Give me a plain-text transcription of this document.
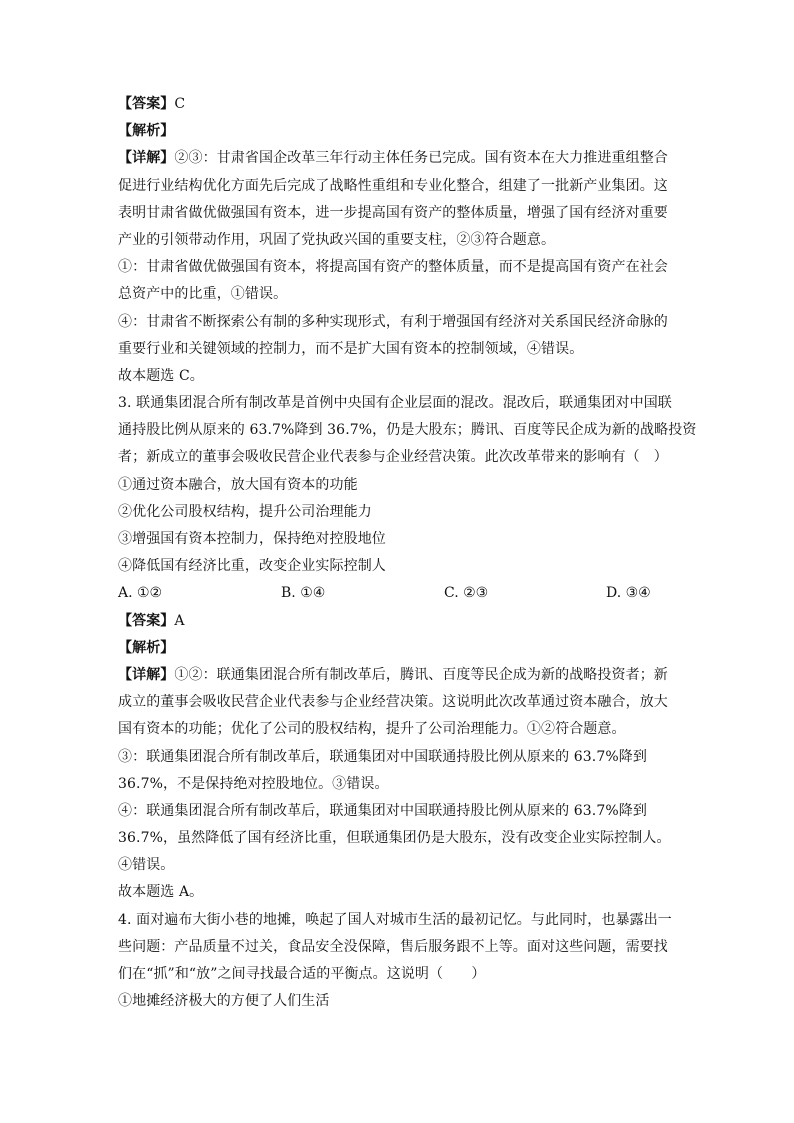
【答案】C
【解析】
【详解】②③：甘肃省国企改革三年行动主体任务已完成。国有资本在大力推进重组整合
促进行业结构优化方面先后完成了战略性重组和专业化整合，组建了一批新产业集团。这
表明甘肃省做优做强国有资本，进一步提高国有资产的整体质量，增强了国有经济对重要
产业的引领带动作用，巩固了党执政兴国的重要支柱，②③符合题意。
①：甘肃省做优做强国有资本，将提高国有资产的整体质量，而不是提高国有资产在社会
总资产中的比重，①错误。
④：甘肃省不断探索公有制的多种实现形式，有利于增强国有经济对关系国民经济命脉的
重要行业和关键领域的控制力，而不是扩大国有资本的控制领域，④错误。
故本题选 C。
3. 联通集团混合所有制改革是首例中央国有企业层面的混改。混改后，联通集团对中国联
通持股比例从原来的 63.7%降到 36.7%，仍是大股东；腾讯、百度等民企成为新的战略投资
者；新成立的董事会吸收民营企业代表参与企业经营决策。此次改革带来的影响有（　）
①通过资本融合，放大国有资本的功能
②优化公司股权结构，提升公司治理能力
③增强国有资本控制力，保持绝对控股地位
④降低国有经济比重，改变企业实际控制人
A. ①②	B. ①④	C. ②③	D. ③④
【答案】A
【解析】
【详解】①②：联通集团混合所有制改革后，腾讯、百度等民企成为新的战略投资者；新
成立的董事会吸收民营企业代表参与企业经营决策。这说明此次改革通过资本融合，放大
国有资本的功能；优化了公司的股权结构，提升了公司治理能力。①②符合题意。
③：联通集团混合所有制改革后，联通集团对中国联通持股比例从原来的 63.7%降到
36.7%，不是保持绝对控股地位。③错误。
④：联通集团混合所有制改革后，联通集团对中国联通持股比例从原来的 63.7%降到
36.7%，虽然降低了国有经济比重，但联通集团仍是大股东，没有改变企业实际控制人。
④错误。
故本题选 A。
4. 面对遍布大街小巷的地摊，唤起了国人对城市生活的最初记忆。与此同时，也暴露出一
些问题：产品质量不过关，食品安全没保障，售后服务跟不上等。面对这些问题，需要找
们在“抓”和“放”之间寻找最合适的平衡点。这说明（　　）
①地摊经济极大的方便了人们生活
